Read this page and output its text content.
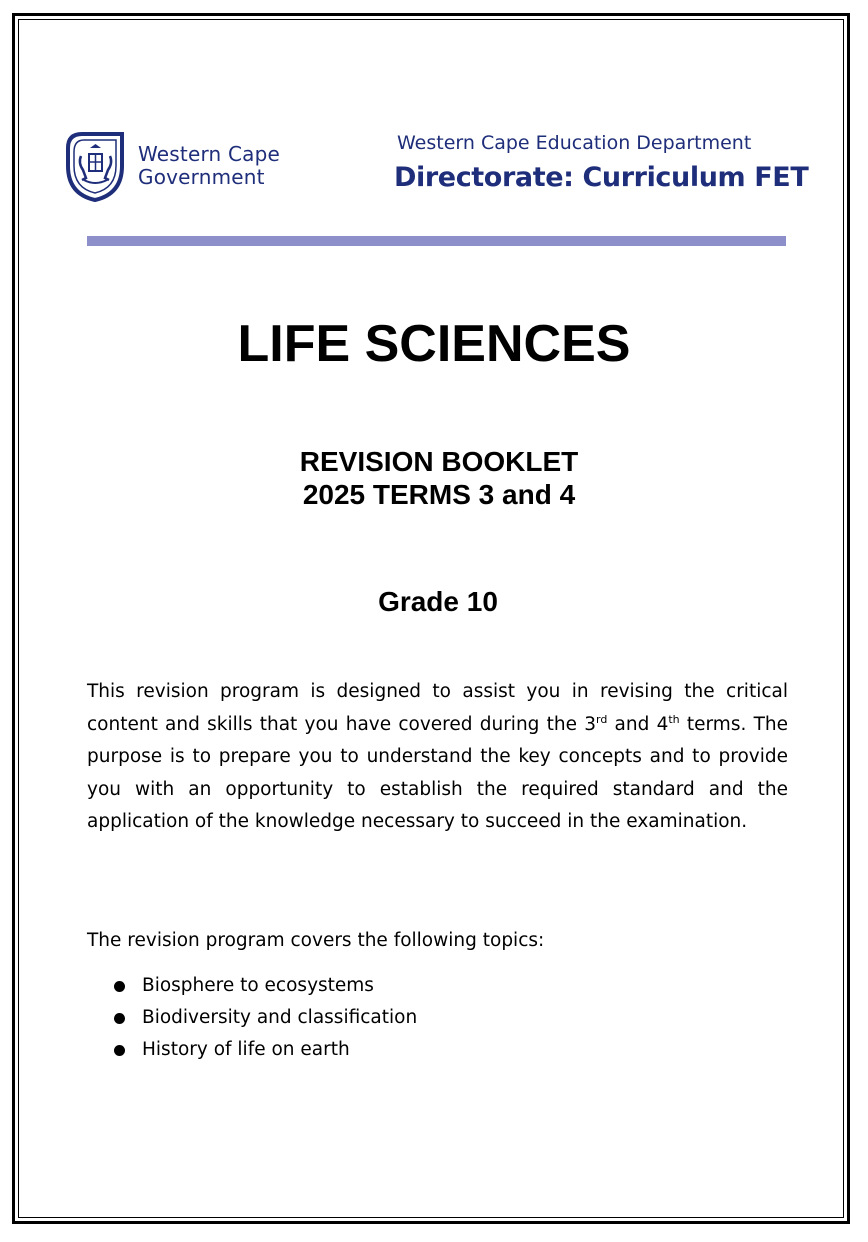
Western Cape
Government
Western Cape Education Department
Directorate: Curriculum FET
LIFE SCIENCES
REVISION BOOKLET
2025 TERMS 3 and 4
Grade 10

This revision program is designed to assist you in revising the critical content and skills that you have covered during the 3rd and 4th terms. The purpose is to prepare you to understand the key concepts and to provide you with an opportunity to establish the required standard and the application of the knowledge necessary to succeed in the examination.

The revision program covers the following topics:

Biosphere to ecosystems
Biodiversity and classification
History of life on earth
